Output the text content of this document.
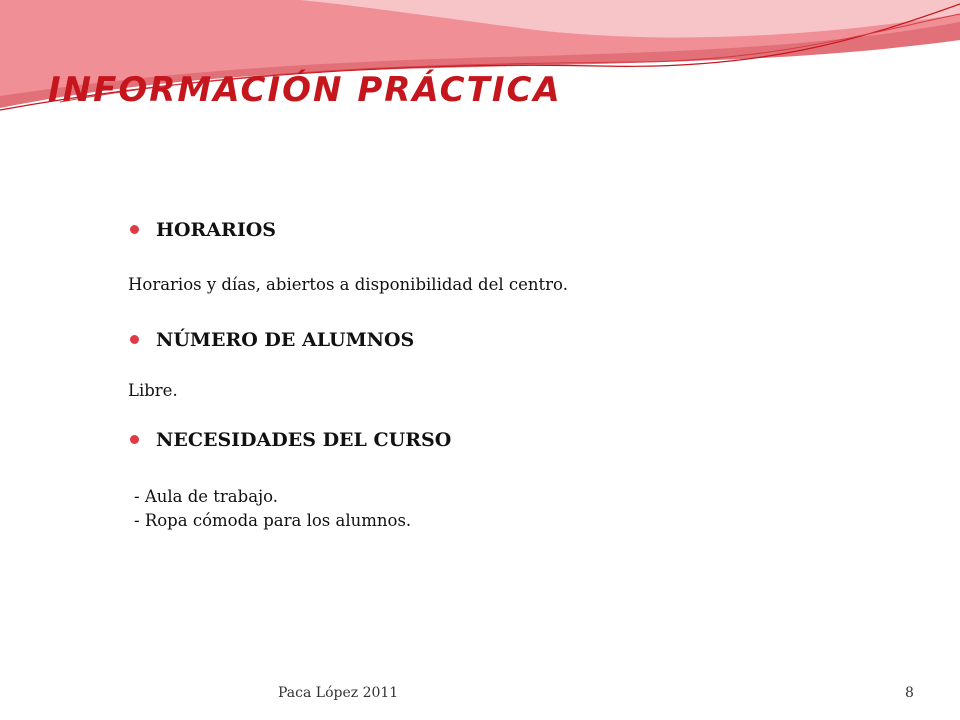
INFORMACIÓN PRÁCTICA
HORARIOS
Horarios y días, abiertos a disponibilidad del centro.
NÚMERO DE ALUMNOS
Libre.
NECESIDADES DEL CURSO
- Aula de trabajo.
- Ropa cómoda para los alumnos.
Paca López 2011	8
